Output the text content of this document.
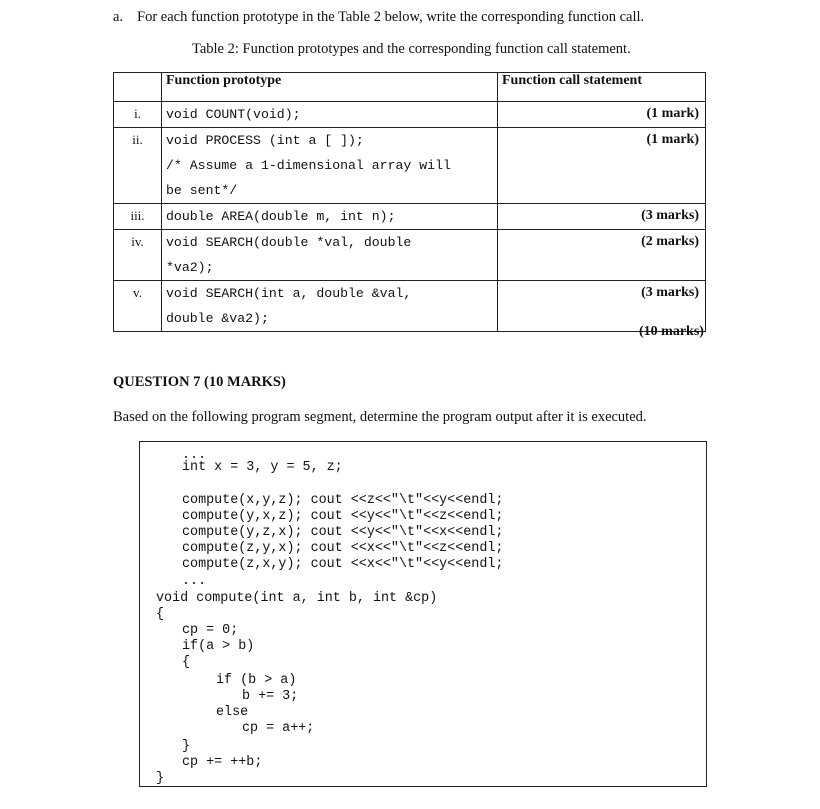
a. For each function prototype in the Table 2 below, write the corresponding function call.
Table 2: Function prototypes and the corresponding function call statement.
	Function prototype	Function call statement
i.	void COUNT(void);	(1 mark)
ii.	void PROCESS (int a [ ]);
/* Assume a 1-dimensional array will
be sent*/	(1 mark)
iii.	double AREA(double m, int n);	(3 marks)
iv.	void SEARCH(double *val, double
*va2);	(2 marks)
v.	void SEARCH(int a, double &val,
double &va2);	(3 marks)
(10 marks)
QUESTION 7 (10 MARKS)
Based on the following program segment, determine the program output after it is executed.
...
int x = 3, y = 5, z;
compute(x,y,z); cout <<z<<"\t"<<y<<endl;
compute(y,x,z); cout <<y<<"\t"<<z<<endl;
compute(y,z,x); cout <<y<<"\t"<<x<<endl;
compute(z,y,x); cout <<x<<"\t"<<z<<endl;
compute(z,x,y); cout <<x<<"\t"<<y<<endl;
...
void compute(int a, int b, int &cp)
{
cp = 0;
if(a > b)
{
if (b > a)
b += 3;
else
cp = a++;
}
cp += ++b;
}
